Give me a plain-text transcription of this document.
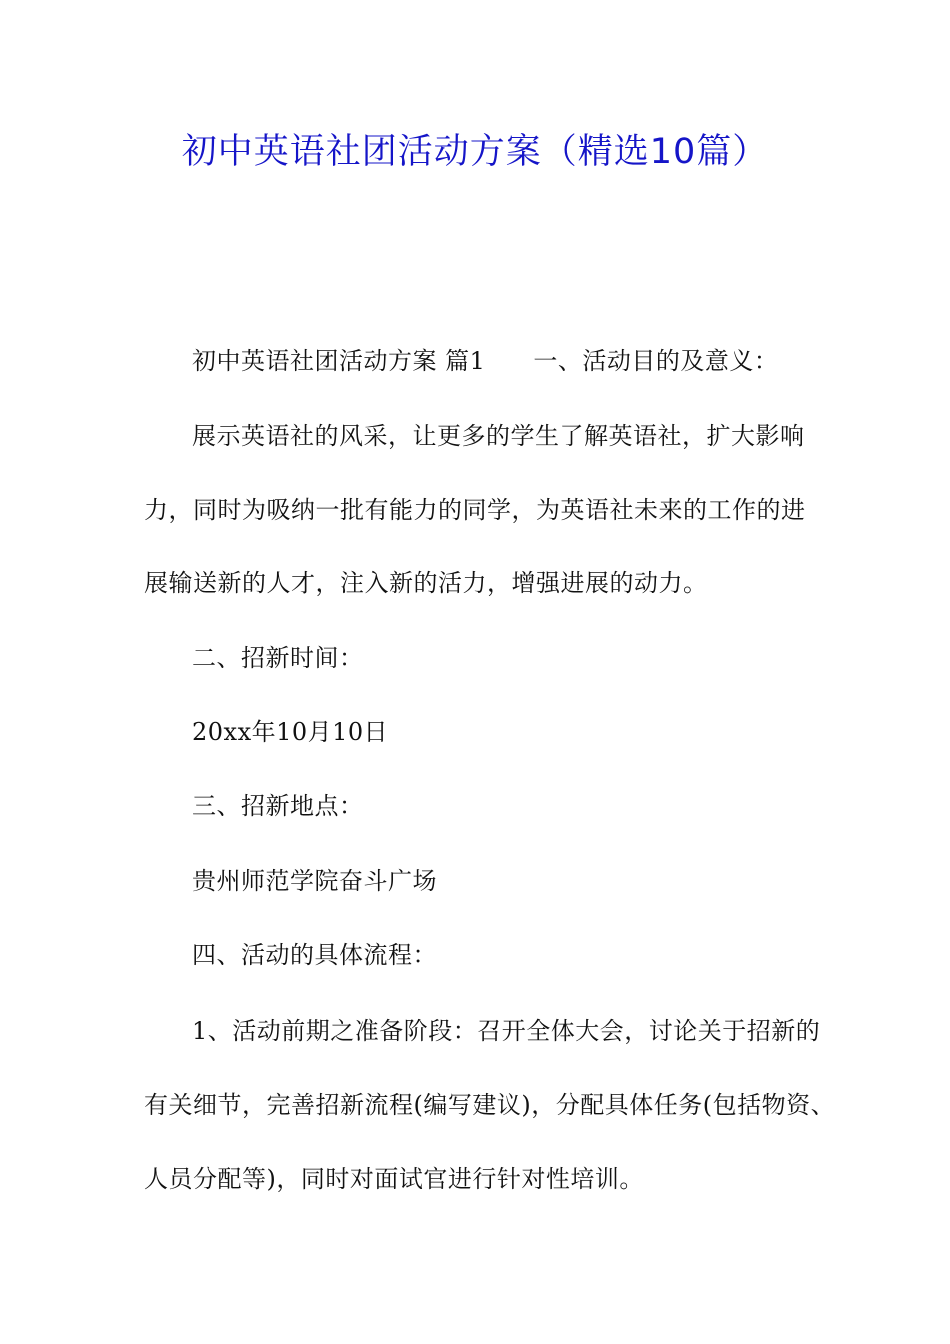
初中英语社团活动方案（精选10篇）
初中英语社团活动方案 篇1 一、活动目的及意义：
展示英语社的风采，让更多的学生了解英语社，扩大影响
力，同时为吸纳一批有能力的同学，为英语社未来的工作的进
展输送新的人才，注入新的活力，增强进展的动力。
二、招新时间：
20xx年10月10日
三、招新地点：
贵州师范学院奋斗广场
四、活动的具体流程：
1、活动前期之准备阶段：召开全体大会，讨论关于招新的
有关细节，完善招新流程(编写建议)，分配具体任务(包括物资、
人员分配等)，同时对面试官进行针对性培训。
